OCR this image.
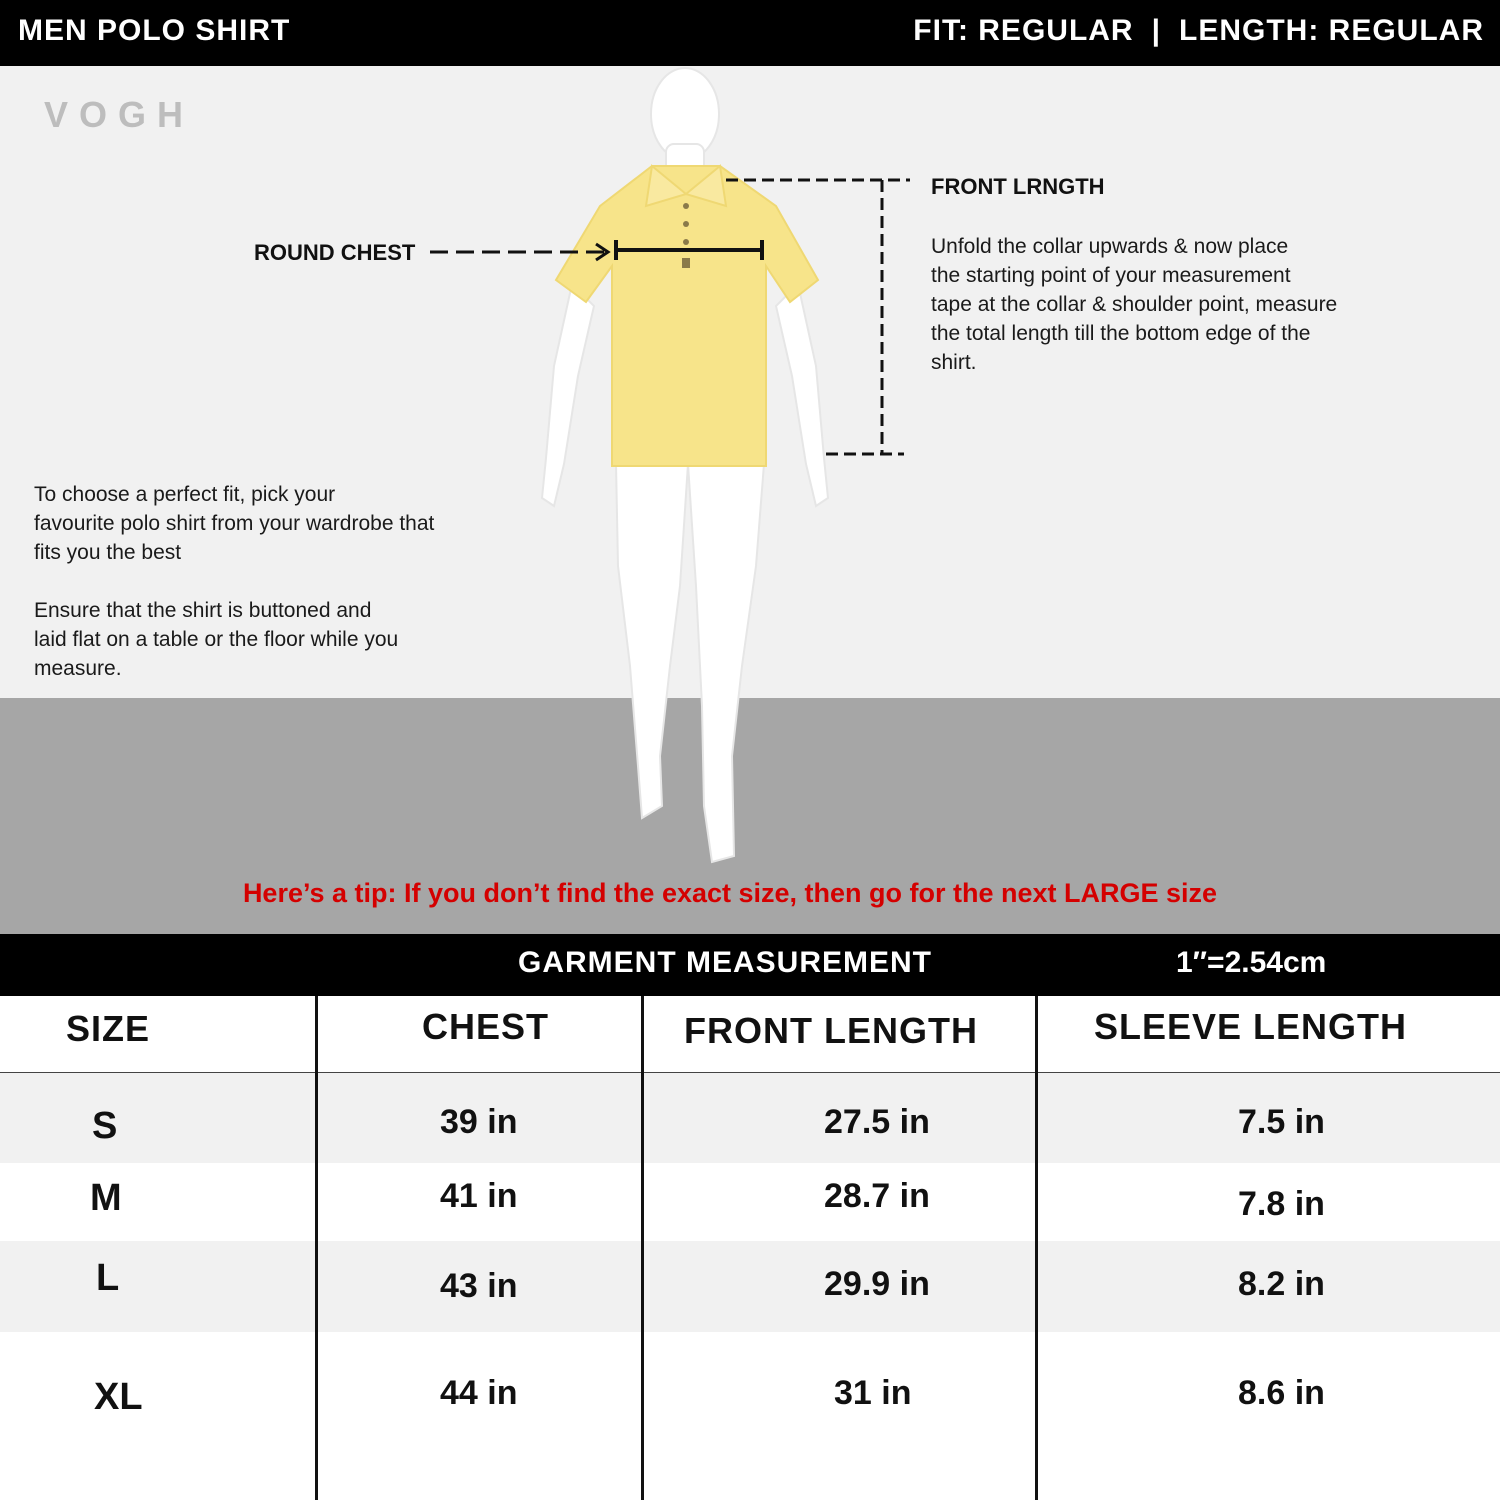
MEN POLO SHIRT	FIT: REGULAR | LENGTH: REGULAR
VOGH
ROUND CHEST
FRONT LRNGTH
Unfold the collar upwards & now place
the starting point of your measurement
tape at the collar & shoulder point, measure
the total length till the bottom edge of the
shirt.
To choose a perfect fit, pick your
favourite polo shirt from your wardrobe that
fits you the best
Ensure that the shirt is buttoned and
laid flat on a table or the floor while you
measure.
Here’s a tip: If you don’t find the exact size, then go for the next LARGE size
GARMENT MEASUREMENT	1″=2.54cm
SIZE	CHEST	FRONT LENGTH	SLEEVE LENGTH
S	39 in	27.5 in	7.5 in
M	41 in	28.7 in	7.8 in
L	43 in	29.9 in	8.2 in
XL	44 in	31 in	8.6 in
